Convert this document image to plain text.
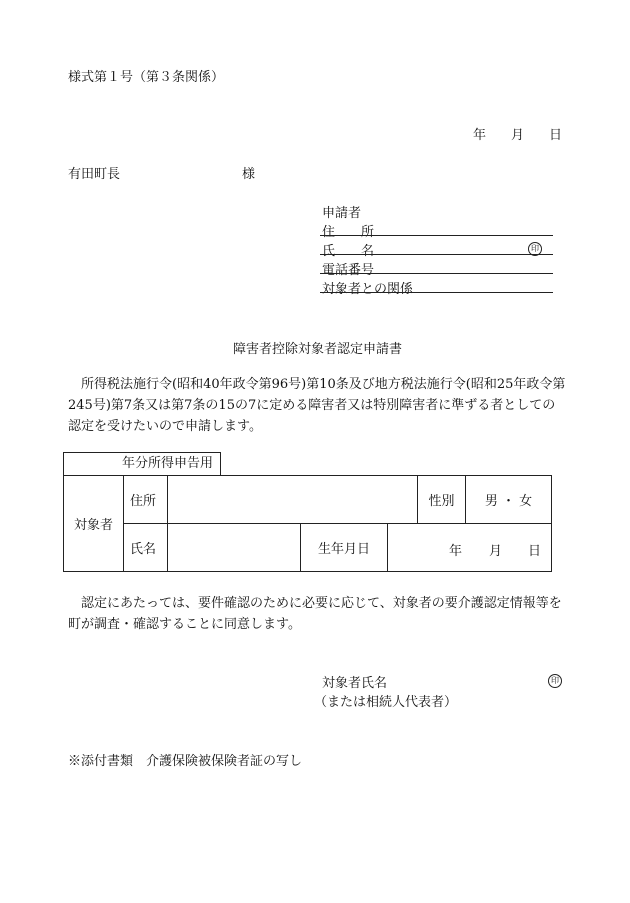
様式第１号（第３条関係）
年 月 日
有田町長	様
申請者
住　　所
氏　　名	印
電話番号
対象者との関係
障害者控除対象者認定申請書
所得税法施行令(昭和40年政令第96号)第10条及び地方税法施行令(昭和25年政令第245号)第7条又は第7条の15の7に定める障害者又は特別障害者に準ずる者としての認定を受けたいので申請します。
年分所得申告用
対象者	住所				性別	男 ・ 女
	氏名		生年月日	年 月 日		
認定にあたっては、要件確認のために必要に応じて、対象者の要介護認定情報等を町が調査・確認することに同意します。
対象者氏名	印
（または相続人代表者）
※添付書類　介護保険被保険者証の写し
